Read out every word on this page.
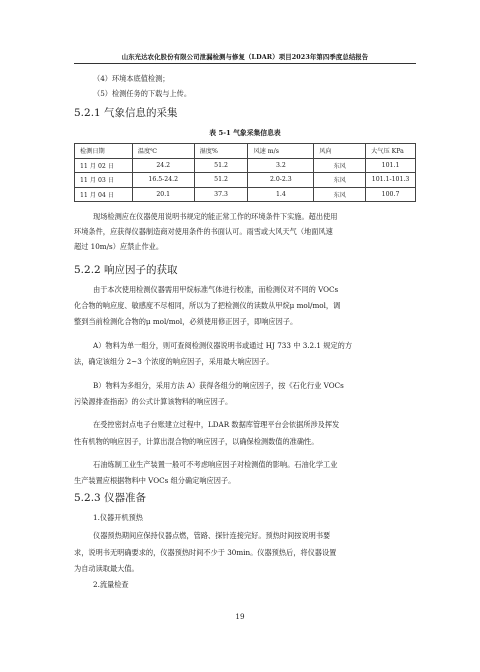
山东光达农化股份有限公司泄漏检测与修复（LDAR）项目2023年第四季度总结报告
（4）环境本底值检测；
（5）检测任务的下载与上传。
5.2.1 气象信息的采集
表 5-1 气象采集信息表
检测日期	温度℃	湿度%	风速 m/s	风向	大气压 KPa
11 月 02 日	24.2	51.2	3.2	东风	101.1
11 月 03 日	16.5-24.2	51.2	2.0-2.3	东风	101.1-101.3
11 月 04 日	20.1	37.3	1.4	东风	100.7
现场检测应在仪器使用说明书规定的能正常工作的环境条件下实施。超出使用
环境条件，应获得仪器制造商对使用条件的书面认可。雨雪或大风天气（地面风速
超过 10m/s）应禁止作业。
5.2.2 响应因子的获取
由于本次使用检测仪器需用甲烷标准气体进行校准，而检测仪对不同的 VOCs
化合物的响应度、敏感度不尽相同，所以为了把检测仪的读数从甲烷μ mol/mol，调
整到当前检测化合物的μ mol/mol，必须使用修正因子，即响应因子。
A）物料为单一组分，则可查阅检测仪器说明书或通过 HJ 733 中 3.2.1 规定的方
法，确定该组分 2~3 个浓度的响应因子，采用最大响应因子。
B）物料为多组分，采用方法 A）获得各组分的响应因子，按《石化行业 VOCs
污染源排查指南》的公式计算该物料的响应因子。
在受控密封点电子台账建立过程中，LDAR 数据库管理平台会依据所涉及挥发
性有机物的响应因子，计算出混合物的响应因子，以确保检测数值的准确性。
石油炼制工业生产装置一般可不考虑响应因子对检测值的影响。石油化学工业
生产装置应根据物料中 VOCs 组分确定响应因子。
5.2.3 仪器准备
1.仪器开机预热
仪器预热期间应保持仪器点燃，管路、探针连接完好。预热时间按说明书要
求，说明书无明确要求的，仪器预热时间不少于 30min。仪器预热后，将仪器设置
为自动读取最大值。
2.流量检查
19
